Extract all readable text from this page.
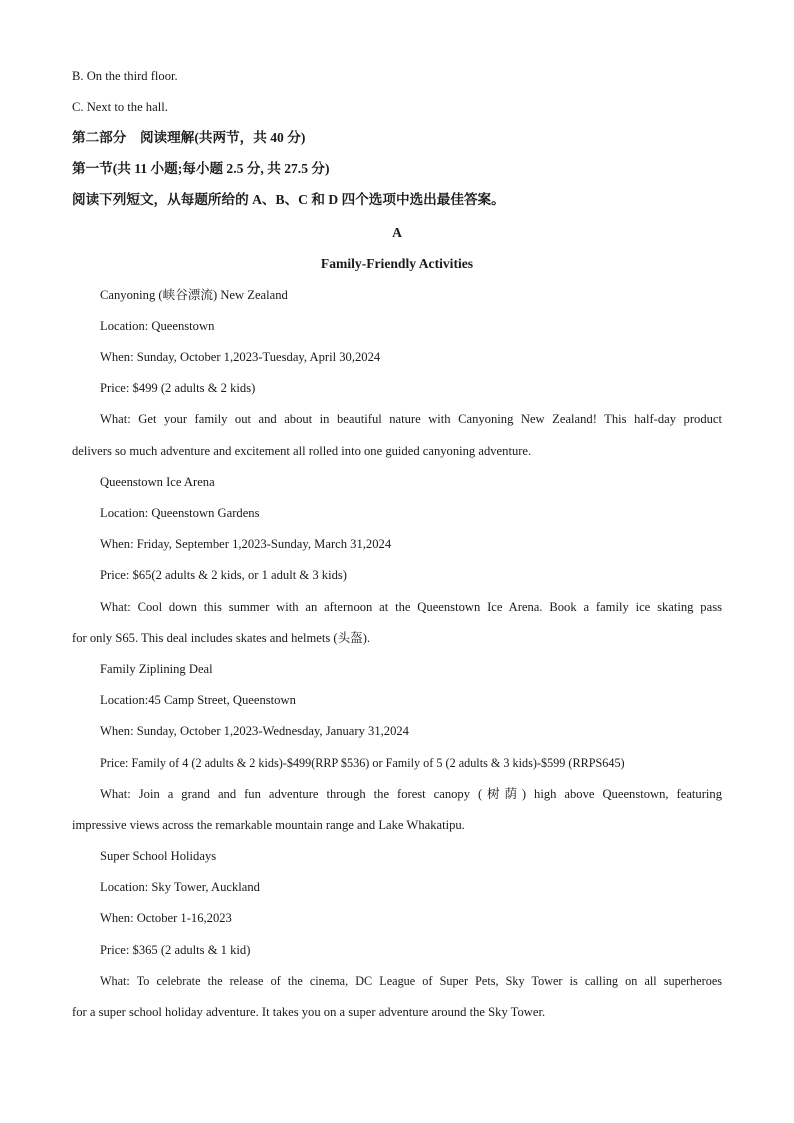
B. On the third floor.
C. Next to the hall.
第二部分　阅读理解(共两节，共 40 分)
第一节(共 11 小题;每小题 2.5 分, 共 27.5 分)
阅读下列短文，从每题所给的 A、B、C 和 D 四个选项中选出最佳答案。
A
Family-Friendly Activities
Canyoning (峡谷漂流) New Zealand
Location: Queenstown
When: Sunday, October 1,2023-Tuesday, April 30,2024
Price: $499 (2 adults & 2 kids)
What: Get your family out and about in beautiful nature with Canyoning New Zealand! This half-day product
delivers so much adventure and excitement all rolled into one guided canyoning adventure.
Queenstown Ice Arena
Location: Queenstown Gardens
When: Friday, September 1,2023-Sunday, March 31,2024
Price: $65(2 adults & 2 kids, or 1 adult & 3 kids)
What: Cool down this summer with an afternoon at the Queenstown Ice Arena. Book a family ice skating pass
for only S65. This deal includes skates and helmets (头盔).
Family Ziplining Deal
Location:45 Camp Street, Queenstown
When: Sunday, October 1,2023-Wednesday, January 31,2024
Price: Family of 4 (2 adults & 2 kids)-$499(RRP $536) or Family of 5 (2 adults & 3 kids)-$599 (RRPS645)
What: Join a grand and fun adventure through the forest canopy (树荫) high above Queenstown, featuring
impressive views across the remarkable mountain range and Lake Whakatipu.
Super School Holidays
Location: Sky Tower, Auckland
When: October 1-16,2023
Price: $365 (2 adults & 1 kid)
What: To celebrate the release of the cinema, DC League of Super Pets, Sky Tower is calling on all superheroes
for a super school holiday adventure. It takes you on a super adventure around the Sky Tower.
